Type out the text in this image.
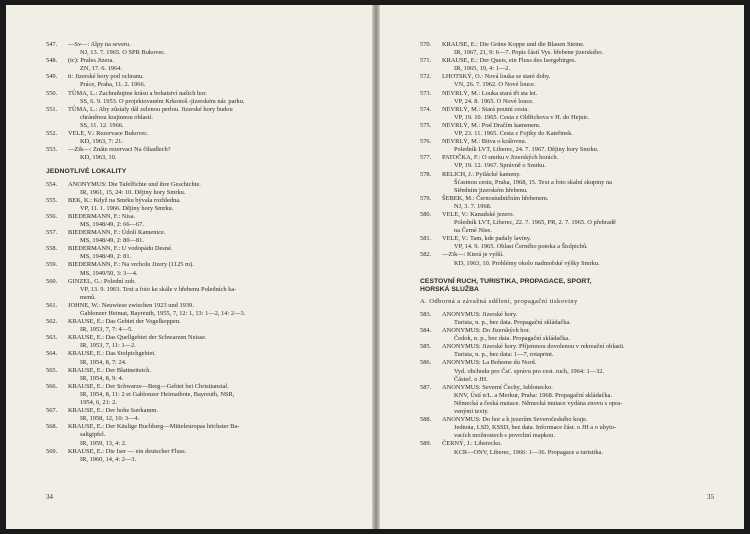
547. —Sv—: Alpy na severu.
NJ, 13. 7. 1965. O SPR Bukovec.
548. (tc): Prales Jizera.
ZN, 17. 6. 1964.
549. ti: Jizerské hory pod ochranu.
Práce, Praha, 11. 2. 1966.
550. TŮMA, L.: Zachraňujme krásu a bohatství našich hor.
SS, 6. 9. 1953. O projektovaném Krkonoš.-jizerském nár. parku.
551. TŮMA, L.: Aby zůstaly dál zelenou perlou. Jizerské hory budou
chráněnou krajinnou oblastí.
SS, 11. 12. 1966.
552. VELE, V.: Rezervace Bukovec.
KD, 1963, 7: 21.
553. —Zik—: Znáte rezervaci Na čihadlech?
KD, 1963, 10.
JEDNOTLIVÉ LOKALITY
554. ANONYMUS: Die Tafelfichte und ihre Geschichte.
IR, 1961, 15, 24: 10. Dějiny hory Smrku.
555. BEK, K.: Když na Smrku bývala rozhledna.
VP, 11. 1. 1966. Dějiny hory Smrku.
556. BIEDERMANN, F.: Nisa.
MS, 1948/49, 2: 66—67.
557. BIEDERMANN, F.: Údolí Kamenice.
MS, 1948/49, 2: 80—81.
558. BIEDERMANN, F.: U vodopádu Desné.
MS, 1948/49, 2: 81.
559. BIEDERMANN, F.: Na vrcholu Jizery (1125 m).
MS, 1949/50, 3: 3—4.
560. GINZEL, G.: Polední zub.
VP, 13. 9. 1963. Text a foto ke skále v hřebenu Poledních ka-
menů.
561. JOHNE, W.: Neuwiese zwischen 1923 und 1939.
Gablonzer Heimat, Bayreuth, 1955, 7, 12: 1, 13: 1—2, 14: 2—3.
562. KRAUSE, E.: Das Gebiet der Vogelkoppen.
IR, 1953, 7, 7: 4—5.
563. KRAUSE, E.: Das Quellgebiet der Schwarzen Neisse.
IR, 1953, 7, 11: 1—2.
564. KRAUSE, E.: Das Stolpichgebiet.
IR, 1954, 8, 7: 24.
565. KRAUSE, E.: Der Blattneiteich.
IR, 1954, 8, 9: 4.
566. KRAUSE, E.: Der Schwarze—Berg—Gebiet bei Christianstal.
IR, 1954, 8, 11: 2 et Gablonzer Heimatbote, Bayreuth, NSR,
1954, 6, 21: 2.
567. KRAUSE, E.: Der hohe Iserkamm.
IR, 1958, 12, 10: 3—4.
568. KRAUSE, E.: Der Käulige Buchberg—Mitteleuropas höchster Ba-
saltgipfel.
IR, 1959, 13, 4: 2.
569. KRAUSE, E.: Die Iser — ein deutscher Fluss.
IR, 1960, 14, 4: 2—3.
34
570. KRAUSE, E.: Die Grüne Koppe und die Blauen Steine.
IR, 1967, 21, 9: 6—7. Popis částí Vys. hřebene jizerského.
571. KRAUSE, E.: Der Queis, ein Fluss des Isergebirges.
IR, 1965, 19, 4: 1—2.
572. LHOTSKÝ, O.: Nová louka se staré doby.
VN, 26. 7. 1962. O Nové louce.
573. NEVRLÝ, M.: Louka stará tři sta let.
VP, 24. 8. 1965. O Nové louce.
574. NEVRLÝ, M.: Stará poutní cesta.
VP, 19. 10. 1965. Cesta z Oldřichova v H. do Hejnic.
575. NEVRLÝ, M.: Pod Dračím kamenem.
VP, 23. 11. 1965. Cesta z Fojtky do Kateřinek.
576. NEVRLÝ, M.: Bitva o královnu.
Poledník LVT, Liberec, 24. 7. 1967. Dějiny hory Smrku.
577. PATOČKA, F.: O smrku v Jizerských horách.
VP, 19. 12. 1967. Správně o Smrku.
578. RELICH, J.: Pytlácké kameny.
Šťastnou cestu, Praha, 1968, 15. Text a foto skalní skupiny na
Středním jizerském hřebenu.
579. ŠEBEK, M.: Černostudničním hřebenem.
NJ, 3. 7. 1968.
580. VELE, V.: Kanadské jezero.
Poledník LVT, Liberec, 22. 7. 1965, PR, 2. 7. 1965. O přehradě
na Černé Nise.
581. VELE, V.: Tam, kde padaly laviny.
VP, 14. 9. 1965. Oblast Černého potoka a Štolpichů.
582. —Zik—: Která je vyšší.
KD, 1963, 10. Problémy okolo nadmořské výšky Smrku.
CESTOVNÍ RUCH, TURISTIKA, PROPAGACE, SPORT,
HORSKÁ SLUŽBA
A. Odborná a závažná sdělení, propagační tiskoviny
583. ANONYMUS: Jizerské hory.
Turista, n. p., bez data. Propagační skládačka.
584. ANONYMUS: Do Jizerských hor.
Čedok, n. p., bez data. Propagační skládačka.
585. ANONYMUS: Jizerské hory. Příjemnou dovolenou v rekreační oblasti.
Turista, n. p., bez data: 1—7, rotaprint.
586. ANONYMUS: La Boheme du Nord.
Vyd. obchodu pro Čsť. správu pro cest. ruch, 1964: 1—32.
Částeč. o JH.
587. ANONYMUS: Severní Čechy, Jablonecko.
KNV, Ústí n/L. a Merkur, Praha: 1968. Propagační skládačka.
Německá a česká mutace. Německá mutace vydána znovu s opra-
venými texty.
588. ANONYMUS: Do hor a k jezerům Severočeského kraje.
Jednota, LSD, KSSD, bez data. Informace část. o JH a o ubyto-
vacích možnostech s povrchní mapkou.
589. ČERNÝ, J.: Liberecko.
KCR—ONV, Liberec, 1966: 1—36. Propagace a turistika.
35
